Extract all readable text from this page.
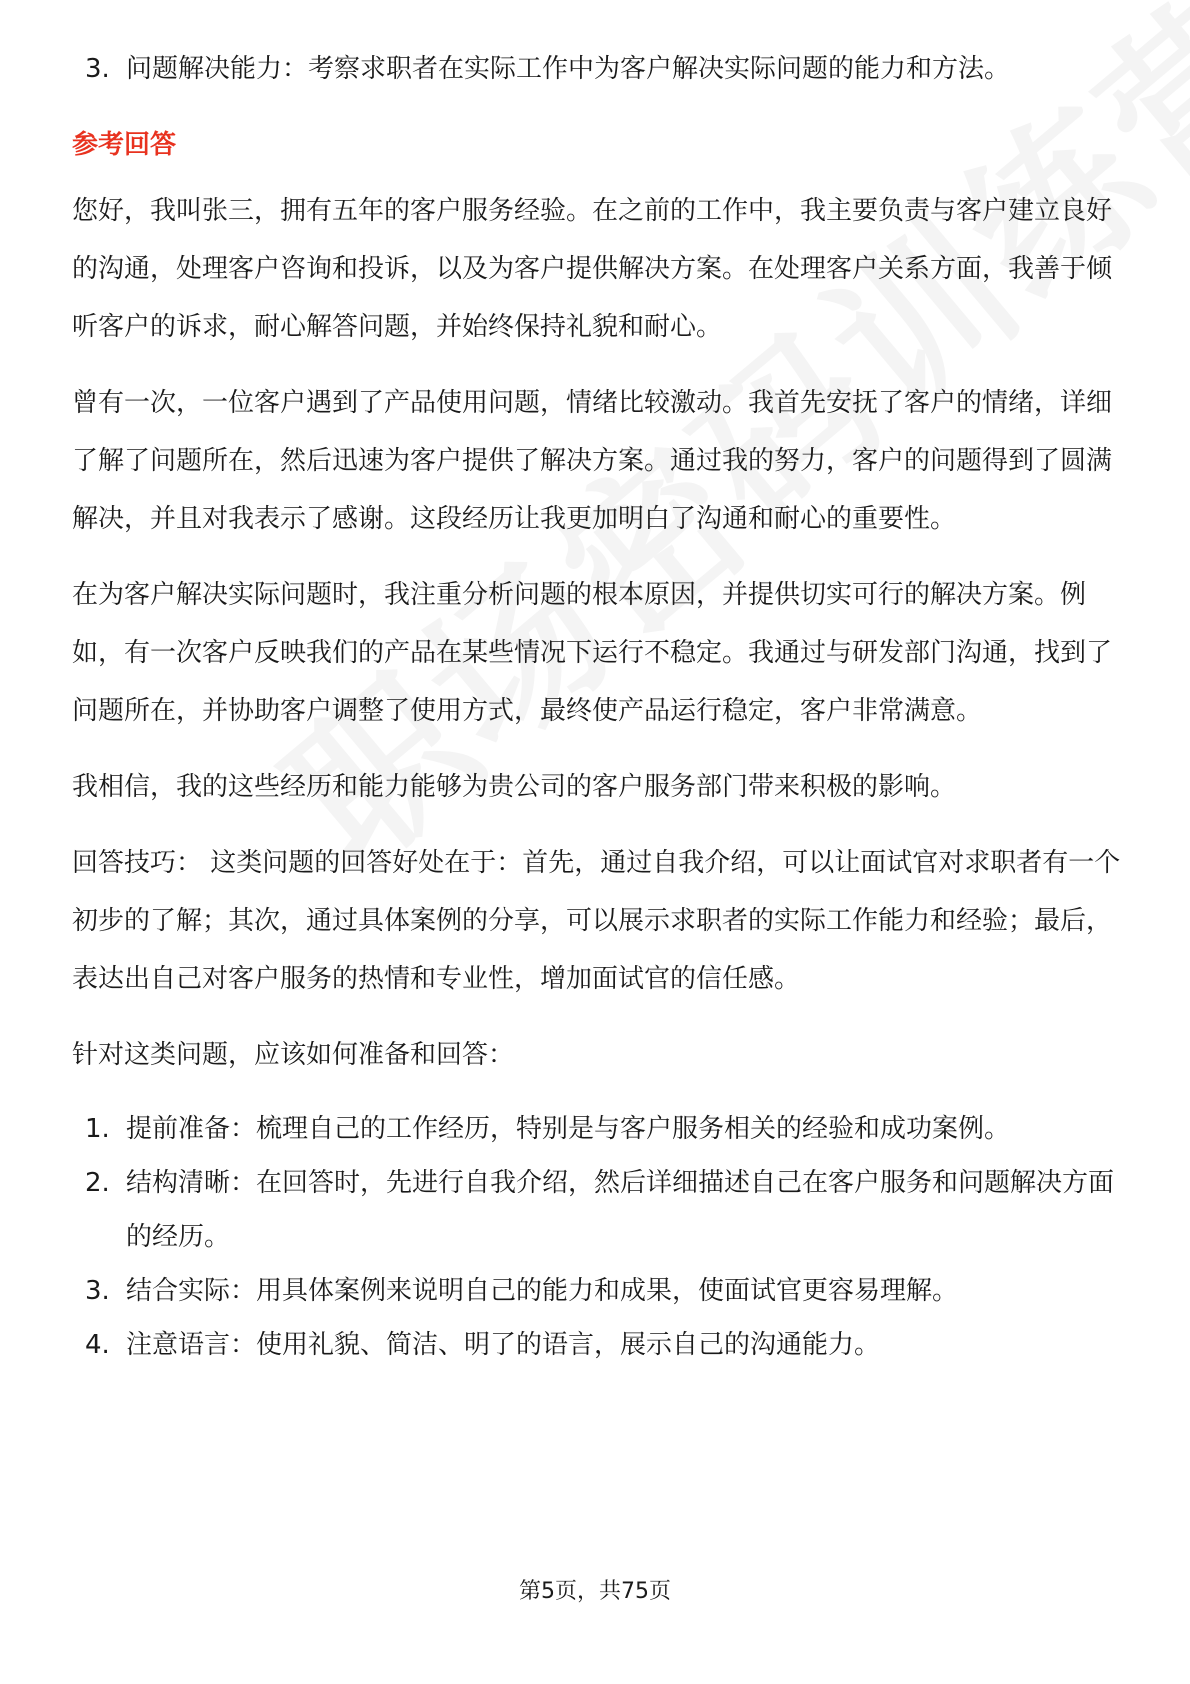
3. 问题解决能力：考察求职者在实际工作中为客户解决实际问题的能力和方法。

参考回答

您好，我叫张三，拥有五年的客户服务经验。在之前的工作中，我主要负责与客户建立良好的沟通，处理客户咨询和投诉，以及为客户提供解决方案。在处理客户关系方面，我善于倾听客户的诉求，耐心解答问题，并始终保持礼貌和耐心。

曾有一次，一位客户遇到了产品使用问题，情绪比较激动。我首先安抚了客户的情绪，详细了解了问题所在，然后迅速为客户提供了解决方案。通过我的努力，客户的问题得到了圆满解决，并且对我表示了感谢。这段经历让我更加明白了沟通和耐心的重要性。

在为客户解决实际问题时，我注重分析问题的根本原因，并提供切实可行的解决方案。例如，有一次客户反映我们的产品在某些情况下运行不稳定。我通过与研发部门沟通，找到了问题所在，并协助客户调整了使用方式，最终使产品运行稳定，客户非常满意。

我相信，我的这些经历和能力能够为贵公司的客户服务部门带来积极的影响。

回答技巧： 这类问题的回答好处在于：首先，通过自我介绍，可以让面试官对求职者有一个初步的了解；其次，通过具体案例的分享，可以展示求职者的实际工作能力和经验；最后，表达出自己对客户服务的热情和专业性，增加面试官的信任感。

针对这类问题，应该如何准备和回答：

1. 提前准备：梳理自己的工作经历，特别是与客户服务相关的经验和成功案例。
2. 结构清晰：在回答时，先进行自我介绍，然后详细描述自己在客户服务和问题解决方面的经历。
3. 结合实际：用具体案例来说明自己的能力和成果，使面试官更容易理解。
4. 注意语言：使用礼貌、简洁、明了的语言，展示自己的沟通能力。
第5页，共75页
